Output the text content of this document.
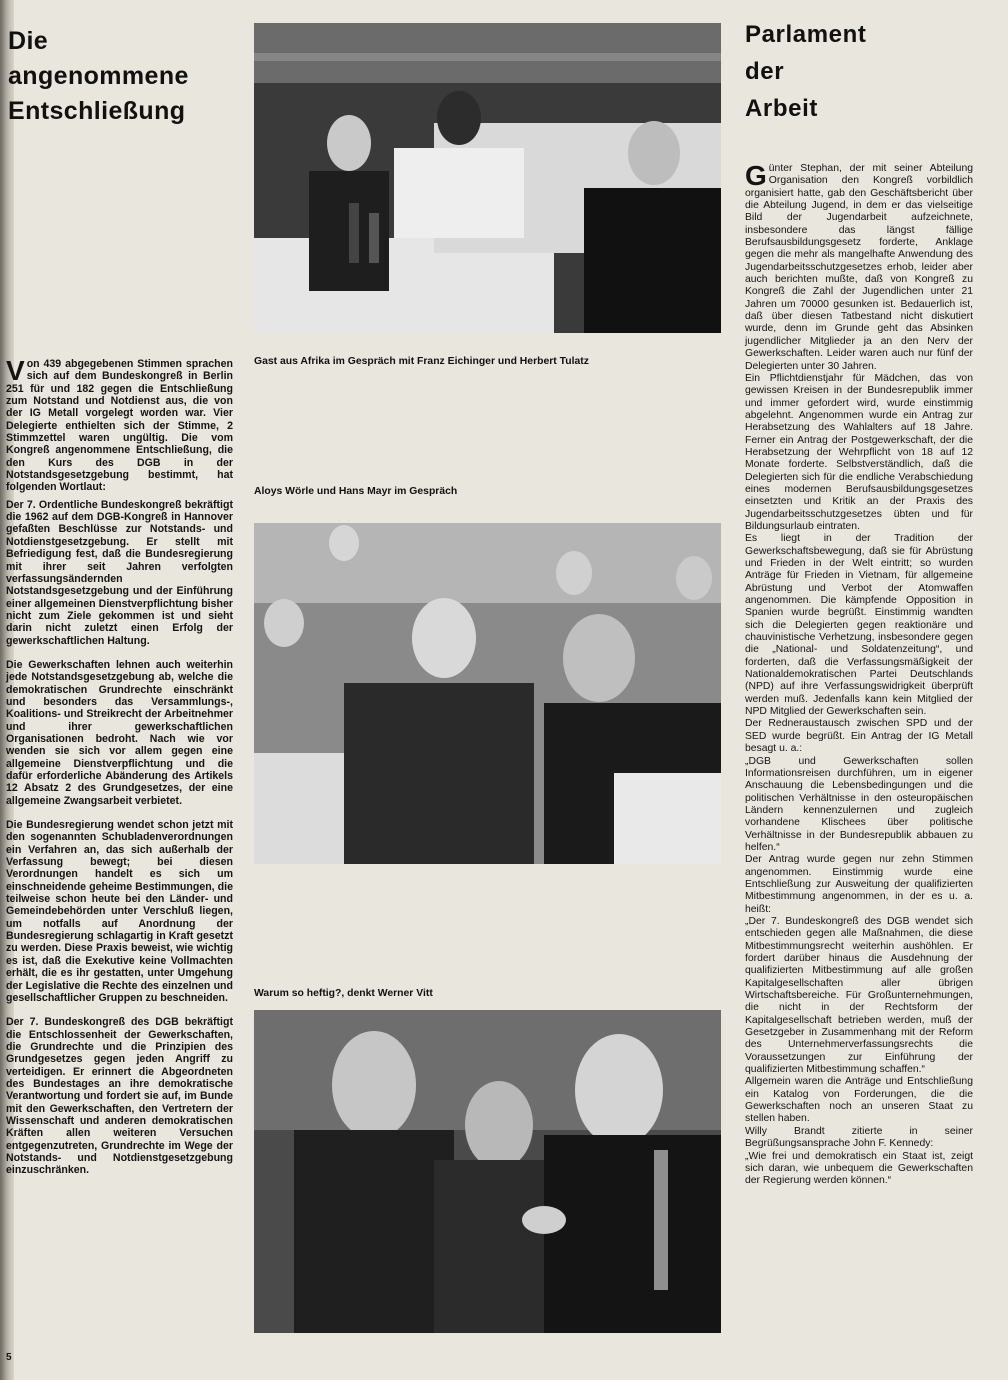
Die
angenommene
Entschließung
Parlament
der
Arbeit

Von 439 abgegebenen Stimmen sprachen sich auf dem Bundeskongreß in Berlin 251 für und 182 gegen die Entschließung zum Notstand und Notdienst aus, die von der IG Metall vorgelegt worden war. Vier Delegierte enthielten sich der Stimme, 2 Stimmzettel waren ungültig. Die vom Kongreß angenommene Entschließung, die den Kurs des DGB in der Notstandsgesetzgebung bestimmt, hat folgenden Wortlaut:

Der 7. Ordentliche Bundeskongreß bekräftigt die 1962 auf dem DGB-Kongreß in Hannover gefaßten Beschlüsse zur Notstands- und Notdienstgesetzgebung. Er stellt mit Befriedigung fest, daß die Bundesregierung mit ihrer seit Jahren verfolgten verfassungsändernden Notstandsgesetzgebung und der Einführung einer allgemeinen Dienstverpflichtung bisher nicht zum Ziele gekommen ist und sieht darin nicht zuletzt einen Erfolg der gewerkschaftlichen Haltung.

Die Gewerkschaften lehnen auch weiterhin jede Notstandsgesetzgebung ab, welche die demokratischen Grundrechte einschränkt und besonders das Versammlungs-, Koalitions- und Streikrecht der Arbeitnehmer und ihrer gewerkschaftlichen Organisationen bedroht. Nach wie vor wenden sie sich vor allem gegen eine allgemeine Dienstverpflichtung und die dafür erforderliche Abänderung des Artikels 12 Absatz 2 des Grundgesetzes, der eine allgemeine Zwangsarbeit verbietet.

Die Bundesregierung wendet schon jetzt mit den sogenannten Schubladenverordnungen ein Verfahren an, das sich außerhalb der Verfassung bewegt; bei diesen Verordnungen handelt es sich um einschneidende geheime Bestimmungen, die teilweise schon heute bei den Länder- und Gemeindebehörden unter Verschluß liegen, um notfalls auf Anordnung der Bundesregierung schlagartig in Kraft gesetzt zu werden. Diese Praxis beweist, wie wichtig es ist, daß die Exekutive keine Vollmachten erhält, die es ihr gestatten, unter Umgehung der Legislative die Rechte des einzelnen und gesellschaftlicher Gruppen zu beschneiden.

Der 7. Bundeskongreß des DGB bekräftigt die Entschlossenheit der Gewerkschaften, die Grundrechte und die Prinzipien des Grundgesetzes gegen jeden Angriff zu verteidigen. Er erinnert die Abgeordneten des Bundestages an ihre demokratische Verantwortung und fordert sie auf, im Bunde mit den Gewerkschaften, den Vertretern der Wissenschaft und anderen demokratischen Kräften allen weiteren Versuchen entgegenzutreten, Grundrechte im Wege der Notstands- und Notdienstgesetzgebung einzuschränken.

Gast aus Afrika im Gespräch mit Franz Eichinger und Herbert Tulatz
Aloys Wörle und Hans Mayr im Gespräch
Warum so heftig?, denkt Werner Vitt

Günter Stephan, der mit seiner Abteilung Organisation den Kongreß vorbildlich organisiert hatte, gab den Geschäftsbericht über die Abteilung Jugend, in dem er das vielseitige Bild der Jugendarbeit aufzeichnete, insbesondere das längst fällige Berufsausbildungsgesetz forderte, Anklage gegen die mehr als mangelhafte Anwendung des Jugendarbeitsschutzgesetzes erhob, leider aber auch berichten mußte, daß von Kongreß zu Kongreß die Zahl der Jugendlichen unter 21 Jahren um 70000 gesunken ist. Bedauerlich ist, daß über diesen Tatbestand nicht diskutiert wurde, denn im Grunde geht das Absinken jugendlicher Mitglieder ja an den Nerv der Gewerkschaften. Leider waren auch nur fünf der Delegierten unter 30 Jahren.

Ein Pflichtdienstjahr für Mädchen, das von gewissen Kreisen in der Bundesrepublik immer und immer gefordert wird, wurde einstimmig abgelehnt. Angenommen wurde ein Antrag zur Herabsetzung des Wahlalters auf 18 Jahre. Ferner ein Antrag der Postgewerkschaft, der die Herabsetzung der Wehrpflicht von 18 auf 12 Monate forderte. Selbstverständlich, daß die Delegierten sich für die endliche Verabschiedung eines modernen Berufsausbildungsgesetzes einsetzten und Kritik an der Praxis des Jugendarbeitsschutzgesetzes übten und für Bildungsurlaub eintraten.

Es liegt in der Tradition der Gewerkschaftsbewegung, daß sie für Abrüstung und Frieden in der Welt eintritt; so wurden Anträge für Frieden in Vietnam, für allgemeine Abrüstung und Verbot der Atomwaffen angenommen. Die kämpfende Opposition in Spanien wurde begrüßt. Einstimmig wandten sich die Delegierten gegen reaktionäre und chauvinistische Verhetzung, insbesondere gegen die „National- und Soldatenzeitung“, und forderten, daß die Verfassungsmäßigkeit der Nationaldemokratischen Partei Deutschlands (NPD) auf ihre Verfassungswidrigkeit überprüft werden muß. Jedenfalls kann kein Mitglied der NPD Mitglied der Gewerkschaften sein.

Der Redneraustausch zwischen SPD und der SED wurde begrüßt. Ein Antrag der IG Metall besagt u. a.:

„DGB und Gewerkschaften sollen Informationsreisen durchführen, um in eigener Anschauung die Lebensbedingungen und die politischen Verhältnisse in den osteuropäischen Ländern kennenzulernen und zugleich vorhandene Klischees über politische Verhältnisse in der Bundesrepublik abbauen zu helfen.“

Der Antrag wurde gegen nur zehn Stimmen angenommen. Einstimmig wurde eine Entschließung zur Ausweitung der qualifizierten Mitbestimmung angenommen, in der es u. a. heißt:

„Der 7. Bundeskongreß des DGB wendet sich entschieden gegen alle Maßnahmen, die diese Mitbestimmungsrecht weiterhin aushöhlen. Er fordert darüber hinaus die Ausdehnung der qualifizierten Mitbestimmung auf alle großen Kapitalgesellschaften aller übrigen Wirtschaftsbereiche. Für Großunternehmungen, die nicht in der Rechtsform der Kapitalgesellschaft betrieben werden, muß der Gesetzgeber in Zusammenhang mit der Reform des Unternehmerverfassungsrechts die Voraussetzungen zur Einführung der qualifizierten Mitbestimmung schaffen.“

Allgemein waren die Anträge und Entschließung ein Katalog von Forderungen, die die Gewerkschaften noch an unseren Staat zu stellen haben.

Willy Brandt zitierte in seiner Begrüßungsansprache John F. Kennedy:

„Wie frei und demokratisch ein Staat ist, zeigt sich daran, wie unbequem die Gewerkschaften der Regierung werden können.“

5
